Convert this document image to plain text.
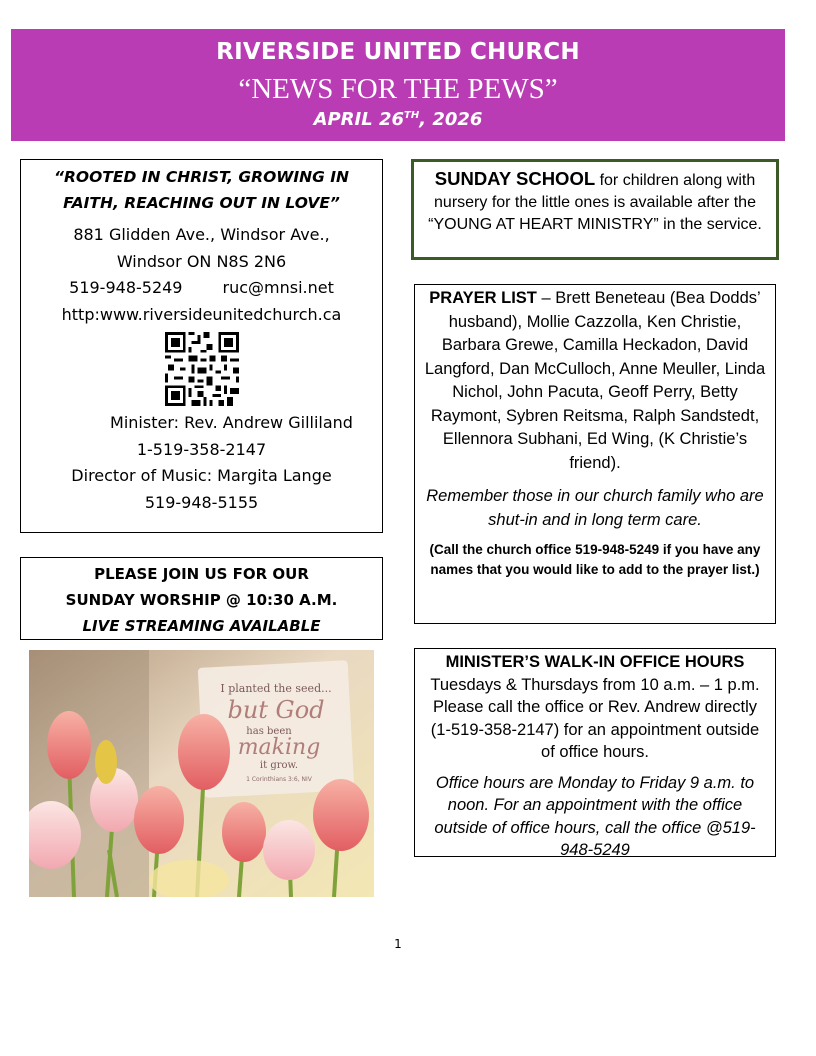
RIVERSIDE UNITED CHURCH
“NEWS FOR THE PEWS”
APRIL 26TH, 2026
“ROOTED IN CHRIST, GROWING IN FAITH, REACHING OUT IN LOVE”
881 Glidden Ave., Windsor Ave.,
Windsor ON N8S 2N6
519-948-5249	ruc@mnsi.net
http:www.riversideunitedchurch.ca
Minister: Rev. Andrew Gilliland
1-519-358-2147
Director of Music: Margita Lange
519-948-5155
PLEASE JOIN US FOR OUR
SUNDAY WORSHIP @ 10:30 A.M.
LIVE STREAMING AVAILABLE
I planted the seed...
but God
has been
making
it grow.
1 Corinthians 3:6, NIV
SUNDAY SCHOOL for children along with nursery for the little ones is available after the “YOUNG AT HEART MINISTRY” in the service.
PRAYER LIST – Brett Beneteau (Bea Dodds’ husband), Mollie Cazzolla, Ken Christie, Barbara Grewe, Camilla Heckadon, David Langford, Dan McCulloch, Anne Meuller, Linda Nichol, John Pacuta, Geoff Perry, Betty Raymont, Sybren Reitsma, Ralph Sandstedt, Ellennora Subhani, Ed Wing, (K Christie’s friend).
Remember those in our church family who are shut-in and in long term care.
(Call the church office 519-948-5249 if you have any names that you would like to add to the prayer list.)
MINISTER’S WALK-IN OFFICE HOURS
Tuesdays & Thursdays from 10 a.m. – 1 p.m. Please call the office or Rev. Andrew directly (1-519-358-2147) for an appointment outside of office hours.
Office hours are Monday to Friday 9 a.m. to noon. For an appointment with the office outside of office hours, call the office @519-948-5249
1
